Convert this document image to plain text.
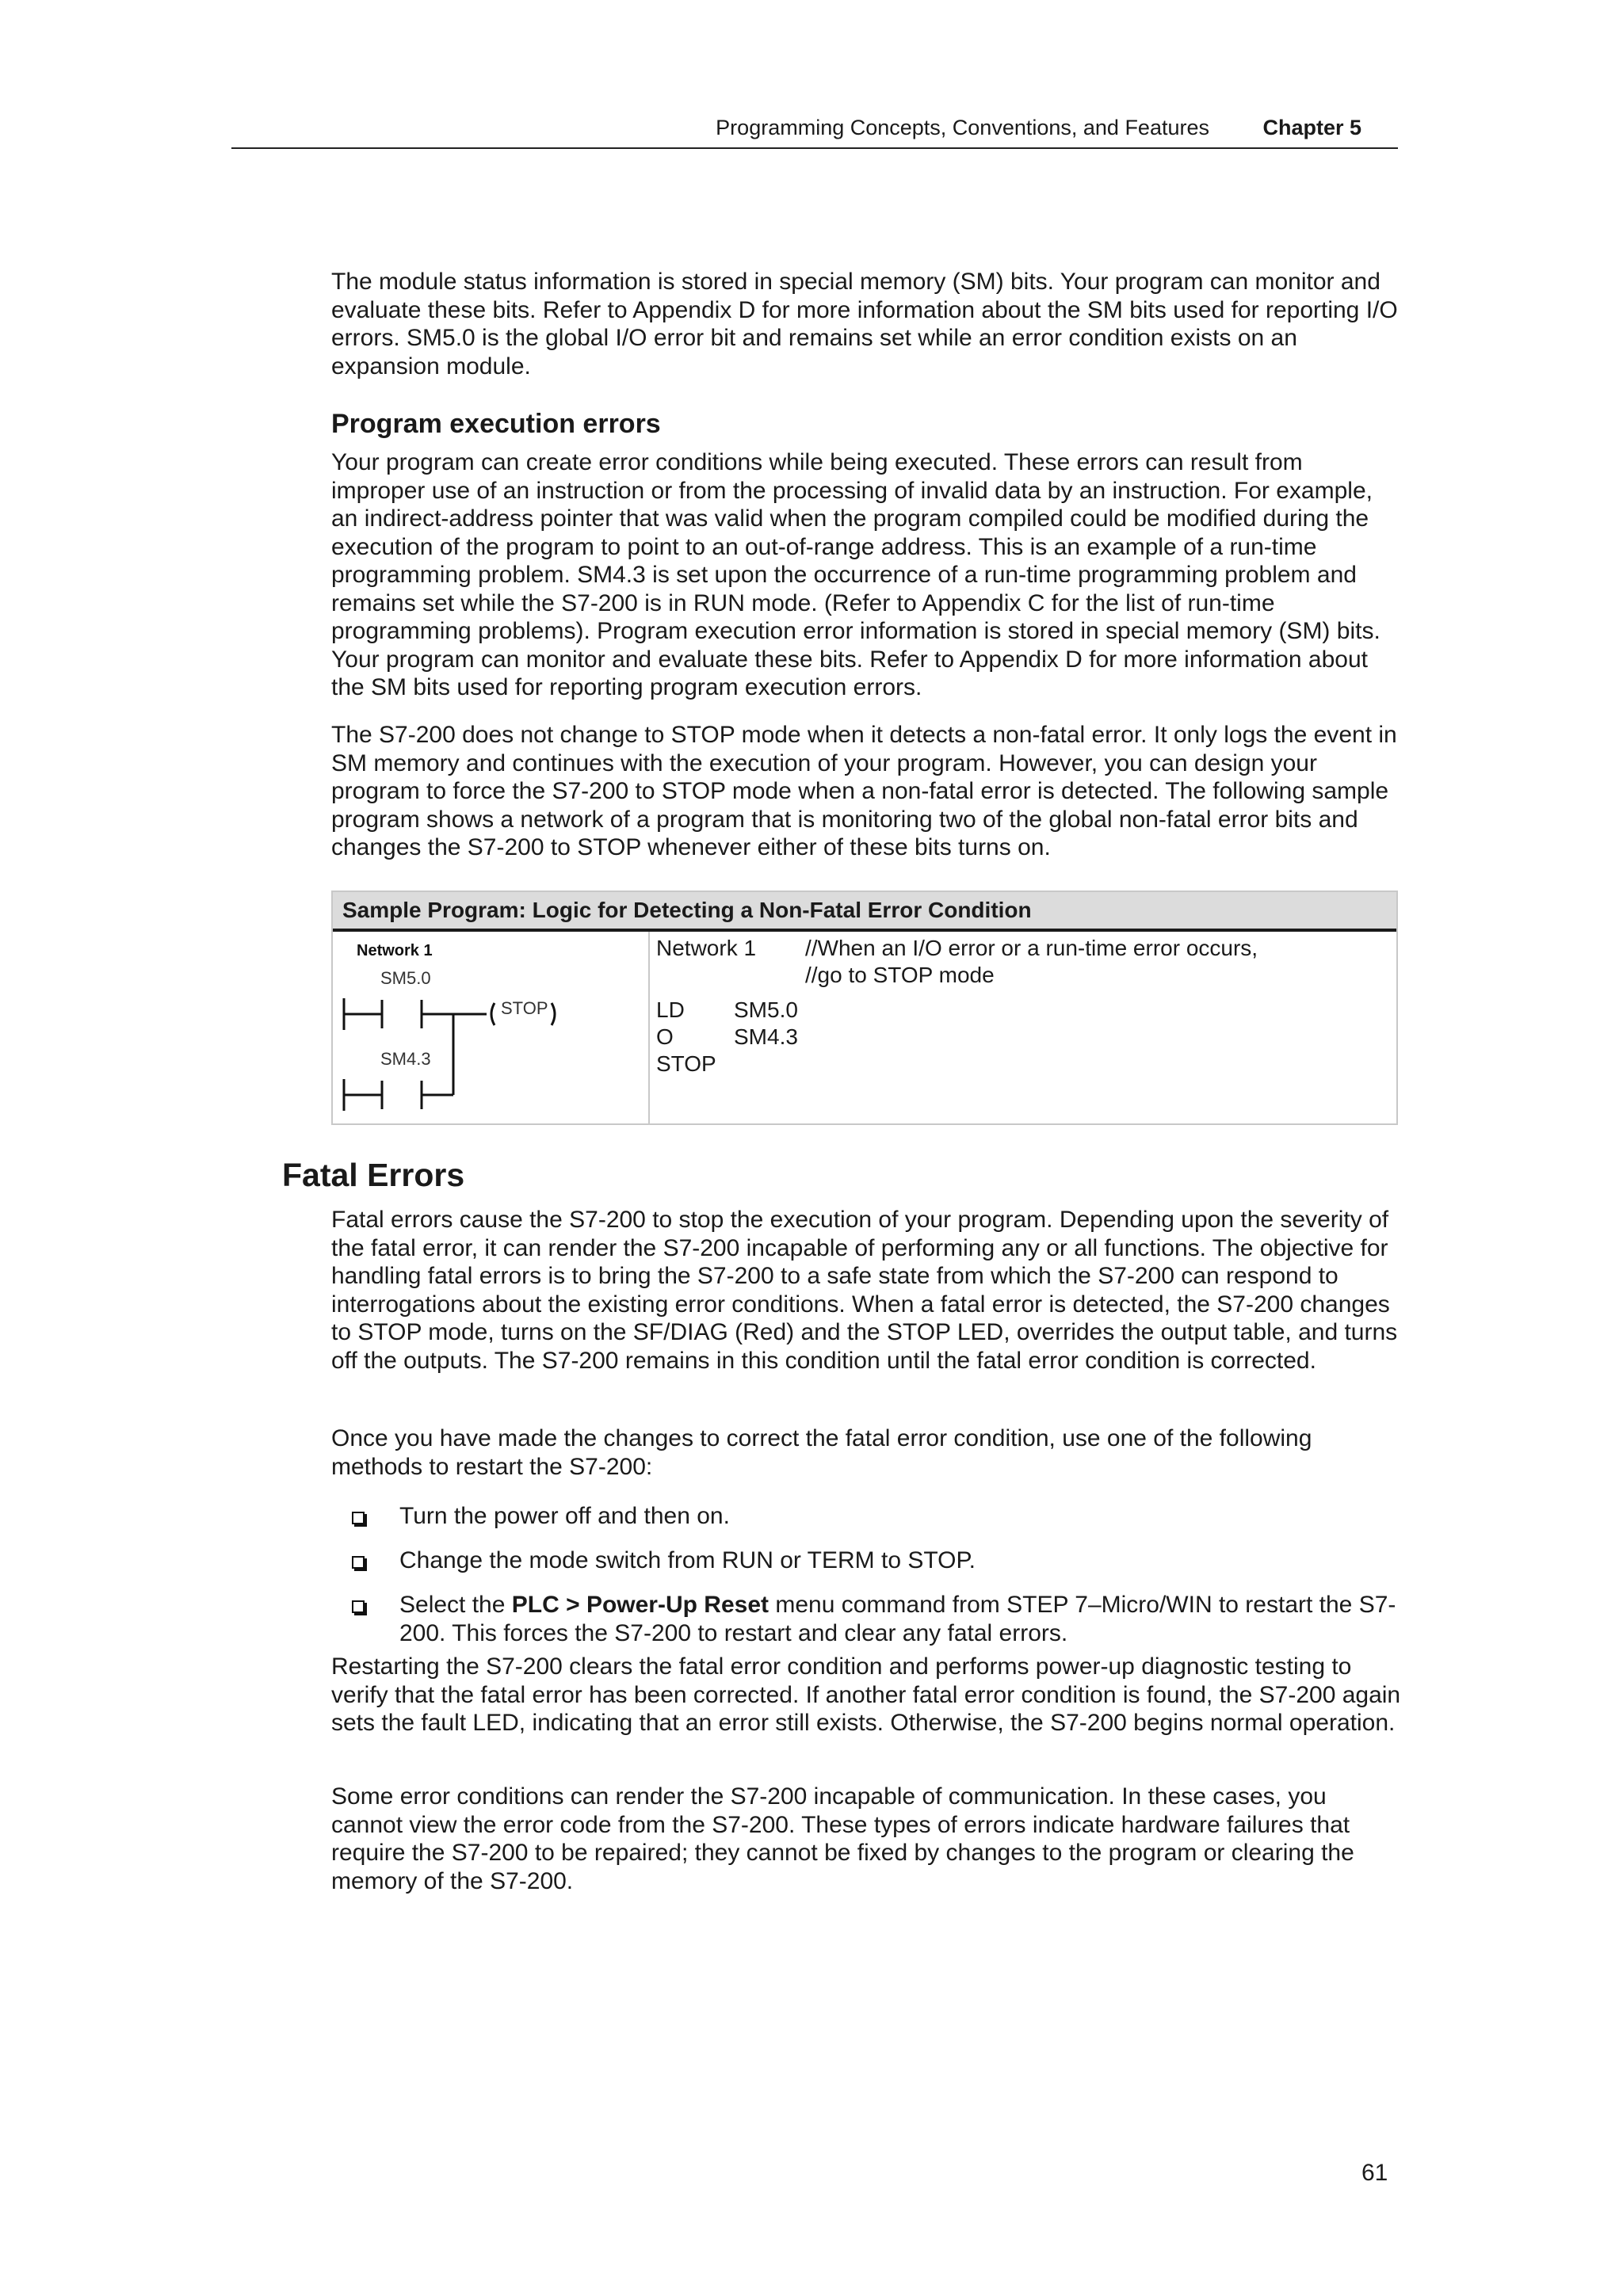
Programming Concepts, Conventions, and Features Chapter 5

The module status information is stored in special memory (SM) bits. Your program can monitor and evaluate these bits. Refer to Appendix D for more information about the SM bits used for reporting I/O errors. SM5.0 is the global I/O error bit and remains set while an error condition exists on an expansion module.

Program execution errors

Your program can create error conditions while being executed. These errors can result from improper use of an instruction or from the processing of invalid data by an instruction. For example, an indirect-address pointer that was valid when the program compiled could be modified during the execution of the program to point to an out-of-range address. This is an example of a run-time programming problem. SM4.3 is set upon the occurrence of a run-time programming problem and remains set while the S7-200 is in RUN mode. (Refer to Appendix C for the list of run-time programming problems). Program execution error information is stored in special memory (SM) bits. Your program can monitor and evaluate these bits. Refer to Appendix D for more information about the SM bits used for reporting program execution errors.

The S7-200 does not change to STOP mode when it detects a non-fatal error. It only logs the event in SM memory and continues with the execution of your program. However, you can design your program to force the S7-200 to STOP mode when a non-fatal error is detected. The following sample program shows a network of a program that is monitoring two of the global non-fatal error bits and changes the S7-200 to STOP whenever either of these bits turns on.

Sample Program: Logic for Detecting a Non-Fatal Error Condition
Network 1
SM5.0
SM4.3
STOP
Network 1 //When an I/O error or a run-time error occurs,
//go to STOP mode
LD SM5.0
O	SM4.3
STOP
Fatal Errors

Fatal errors cause the S7-200 to stop the execution of your program. Depending upon the severity of the fatal error, it can render the S7-200 incapable of performing any or all functions. The objective for handling fatal errors is to bring the S7-200 to a safe state from which the S7-200 can respond to interrogations about the existing error conditions. When a fatal error is detected, the S7-200 changes to STOP mode, turns on the SF/DIAG (Red) and the STOP LED, overrides the output table, and turns off the outputs. The S7-200 remains in this condition until the fatal error condition is corrected.

Once you have made the changes to correct the fatal error condition, use one of the following methods to restart the S7-200:

Turn the power off and then on.
Change the mode switch from RUN or TERM to STOP.
Select the PLC > Power-Up Reset menu command from STEP 7–Micro/WIN to restart the S7-200. This forces the S7-200 to restart and clear any fatal errors.

Restarting the S7-200 clears the fatal error condition and performs power-up diagnostic testing to verify that the fatal error has been corrected. If another fatal error condition is found, the S7-200 again sets the fault LED, indicating that an error still exists. Otherwise, the S7-200 begins normal operation.

Some error conditions can render the S7-200 incapable of communication. In these cases, you cannot view the error code from the S7-200. These types of errors indicate hardware failures that require the S7-200 to be repaired; they cannot be fixed by changes to the program or clearing the memory of the S7-200.

61
